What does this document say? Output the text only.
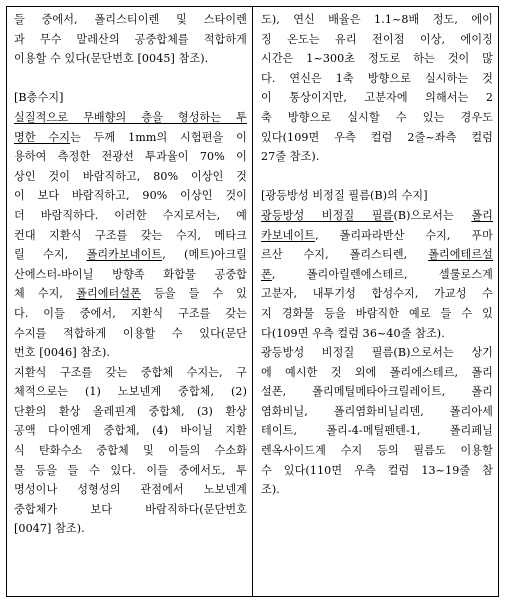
들 중에서, 폴리스티이렌 및 스타이렌
과 무수 말레산의 공중합체를 적합하게
이용할 수 있다(문단번호 [0045] 참조).
[B층수지]
실질적으로 무배향의 층을 형성하는 투
명한 수지는 두께 1mm의 시험편을 이
용하여 측정한 전광선 투과율이 70% 이
상인 것이 바람직하고, 80% 이상인 것
이 보다 바람직하고, 90% 이상인 것이
더 바람직하다. 이러한 수지로서는, 예
컨대 지환식 구조를 갖는 수지, 메타크
릴 수지, 폴리카보네이트, (메트)아크릴
산에스터-바이닐 방향족 화합물 공중합
체 수지, 폴리에터설폰 등을 들 수 있
다. 이들 중에서, 지환식 구조를 갖는
수지를 적합하게 이용할 수 있다(문단
번호 [0046] 참조).
지환식 구조를 갖는 중합체 수지는, 구
체적으로는 (1) 노보넨계 중합체, (2)
단환의 환상 올레핀계 중합체, (3) 환상
공액 다이엔계 중합체, (4) 바이닐 지환
식 탄화수소 중합체 및 이들의 수소화
물 등을 들 수 있다. 이들 중에서도, 투
명성이나 성형성의 관점에서 노보넨계
중합체가 보다 바람직하다(문단번호
[0047] 참조).
도), 연신 배율은 1.1~8배 정도, 에이
징 온도는 유리 전이점 이상, 에이징
시간은 1~300초 정도로 하는 것이 많
다. 연신은 1축 방향으로 실시하는 것
이 통상이지만, 고분자에 의해서는 2
축 방향으로 실시할 수 있는 경우도
있다(109면 우측 컬럼 2줄~좌측 컬럼
27줄 참조).
[광등방성 비정질 필름(B)의 수지]
광등방성 비정질 필름(B)으로서는 폴리
카보네이트, 폴리파라반산 수지, 푸마
르산 수지, 폴리스티렌, 폴리에테르설
폰, 폴리아릴렌에스테르, 셀룰로스계
고분자, 내투기성 합성수지, 가교성 수
지 경화물 등을 바람직한 예로 들 수 있
다(109면 우측 컬럼 36~40줄 참조).
광등방성 비정질 필름(B)으로서는 상기
에 예시한 것 외에 폴리에스테르, 폴리
설폰, 폴리메틸메타아크릴레이트, 폴리
염화비닐, 폴리염화비닐리덴, 폴리아세
테이트, 폴리-4-메틸펜텐-1, 폴리페닐
렌옥사이드계 수지 등의 필름도 이용할
수 있다(110면 우측 컬럼 13~19줄 참
조).
